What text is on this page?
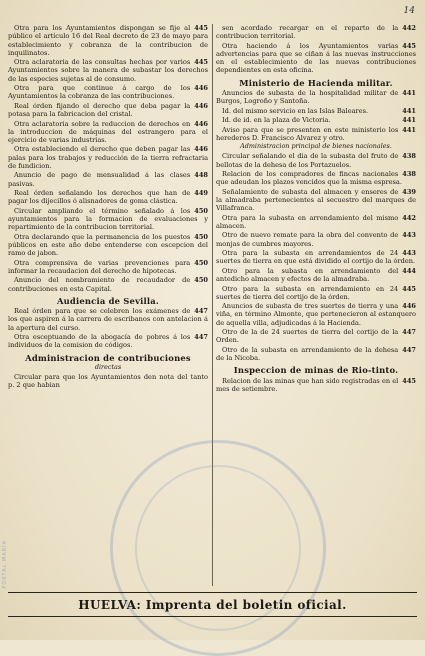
14
445
Otra para los Ayuntamientos dispongan se fije al público el artículo 16 del Real decreto de 23 de mayo para establecimiento y cobranza de la contribucion de inquilinatos.
445
Otra aclaratoria de las consultas hechas por varios Ayuntamientos sobre la manera de subastar los derechos de las especies sujetas al de consumo.
446
Otra para que continue á cargo de los Ayuntamientos la cobranza de las contribuciones.
446
Real órden fijando el derecho que deba pagar la potasa para la fabricacion del cristal.
446
Otra aclaratoria sobre la reduccion de derechos en la introduccion de máquinas del estrangero para el ejercicio de varias industrias.
446
Otra estableciendo el derecho que deben pagar las palas para los trabajos y reducción de la tierra refractaria de fundicion.
448
Anuncio de pago de mensualidad á las clases pasivas.
449
Real órden señalando los derechos que han de pagar los dijecillos ó alisnadores de goma clástica.
450
Circular ampliando el término señalado á los ayuntamientos para la formacion de evaluaciones y repartimiento de la contribucion territorial.
450
Otra declarando que la permanencia de los puestos públicos en este año debe entenderse con escepcion del ramo de jabon.
450
Otra comprensiva de varias prevenciones para informar la recaudacion del derecho de hipotecas.
450
Anuncio del nombramiento de recaudador de contribuciones en esta Capital.
Audiencia de Sevilla.
447
Real órden para que se celebren los exámenes de los que aspiren á la carrera de escribanos con antelacion á la apertura del curso.
447
Otra esceptuando de la abogacía de pobres á los individuos de la comision de códigos.
Administracion de contribuciones
directas
Circular para que los Ayuntamientos den nota del tanto p. 2 que habian
442
sen acordado recargar en el reparto de la contribucion territorial.
445
Otra haciendo á los Ayuntamientos varias advertencias para que se ciñan á las nuevas instrucciones en el establecimiento de las nuevas contribuciones dependientes en esta oficina.
Ministerio de Hacienda militar.
441
Anuncios de subasta de la hospitalidad militar de Burgos, Logroño y Santoña.
441
Id. del mismo servicio en las Islas Baleares.
441
Id. de id. en la plaza de Victoria.
441
Aviso para que se presenten en este ministerio los herederos D. Francisco Alvarez y otro.
Administracion principal de bienes nacionales.
438
Circular señalando el dia de la subasta del fruto de bellotas de la dehesa de los Portazuelos.
438
Relacion de los compradores de fincas nacionales que adeudan los plazos vencidos que la misma espresa.
439
Señalamiento de subasta del almacen y enseres de la almadraba pertenecientes al secuestro del marques de Villafranca.
442
Otra para la subasta en arrendamiento del mismo almacen.
443
Otro de nuevo remate para la obra del convento de monjas de cumbres mayores.
443
Otra para la subasta en arrendamientos de 24 suertes de tierra en que está dividido el cortijo de la órden.
444
Otro para la subasta en arrendamiento del antedicho almacen y efectos de la almadraba.
445
Otro para la subasta en arrendamiento en 24 suertes de tierra del cortijo de la órden.
446
Anuncios de subasta de tres suertes de tierra y una viña, en término Almonte, que pertenecieron al estanquero de aquella villa, adjudicadas á la Hacienda.
447
Otro de la de 24 suertes de tierra del cortijo de la Orden.
447
Otro de la subasta en arrendamiento de la dehesa de la Nicoba.
Inspeccion de minas de Rio-tinto.
445
Relacion de las minas que han sido registradas en el mes de setiembre.
PORTAL MARÍA
HUELVA: Imprenta del boletin oficial.
